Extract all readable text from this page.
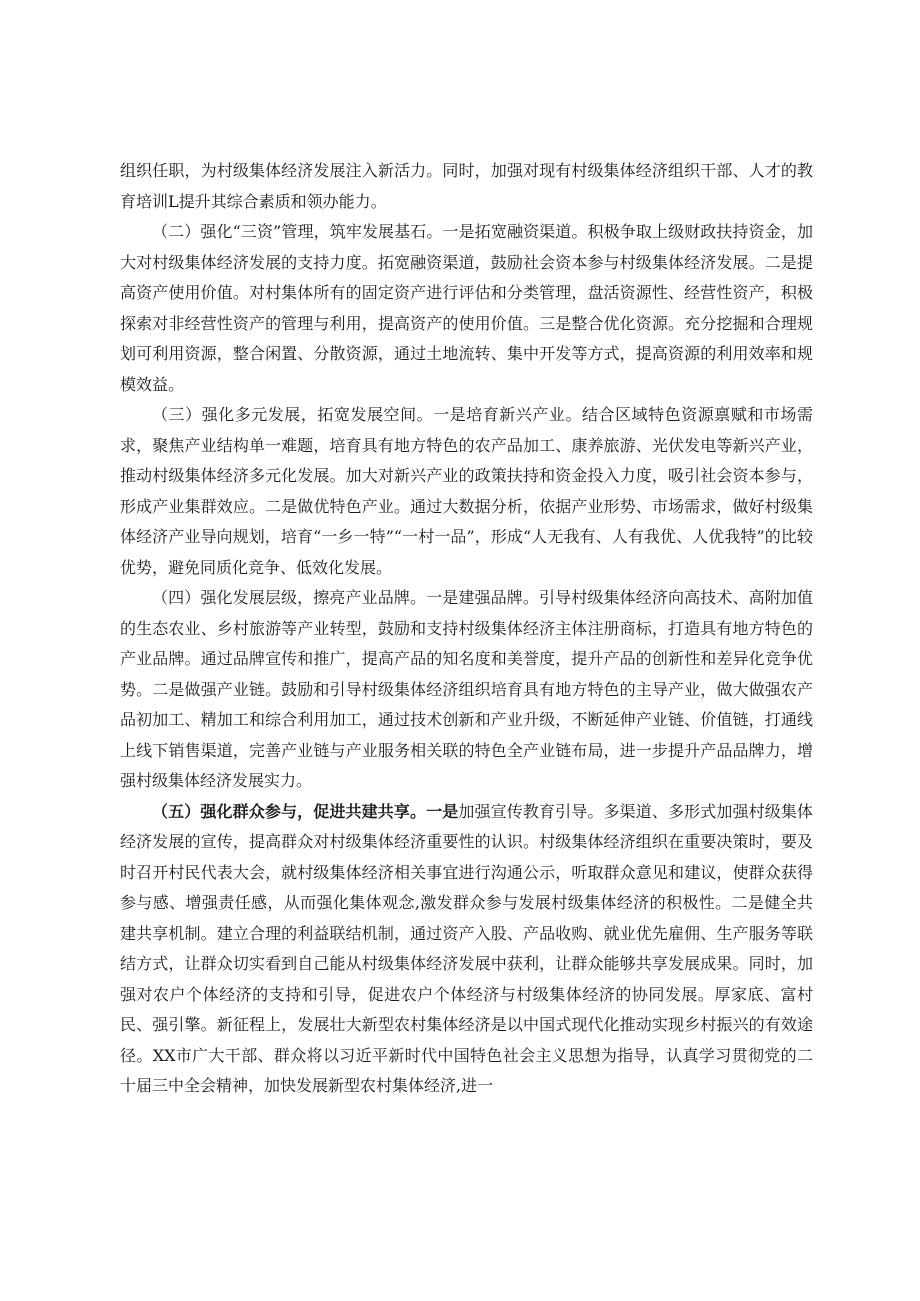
组织任职，为村级集体经济发展注入新活力。同时，加强对现有村级集体经济组织干部、人才的教育培训L提升其综合素质和领办能力。

（二）强化“三资”管理，筑牢发展基石。一是拓宽融资渠道。积极争取上级财政扶持资金，加大对村级集体经济发展的支持力度。拓宽融资渠道，鼓励社会资本参与村级集体经济发展。二是提高资产使用价值。对村集体所有的固定资产进行评估和分类管理，盘活资源性、经营性资产，积极探索对非经营性资产的管理与利用，提高资产的使用价值。三是整合优化资源。充分挖掘和合理规划可利用资源，整合闲置、分散资源，通过土地流转、集中开发等方式，提高资源的利用效率和规模效益。

（三）强化多元发展，拓宽发展空间。一是培育新兴产业。结合区域特色资源禀赋和市场需求，聚焦产业结构单一难题，培育具有地方特色的农产品加工、康养旅游、光伏发电等新兴产业，推动村级集体经济多元化发展。加大对新兴产业的政策扶持和资金投入力度，吸引社会资本参与，形成产业集群效应。二是做优特色产业。通过大数据分析，依据产业形势、市场需求，做好村级集体经济产业导向规划，培育“一乡一特”“一村一品”，形成“人无我有、人有我优、人优我特”的比较优势，避免同质化竞争、低效化发展。

（四）强化发展层级，擦亮产业品牌。一是建强品牌。引导村级集体经济向高技术、高附加值的生态农业、乡村旅游等产业转型，鼓励和支持村级集体经济主体注册商标，打造具有地方特色的产业品牌。通过品牌宣传和推广，提高产品的知名度和美誉度，提升产品的创新性和差异化竞争优势。二是做强产业链。鼓励和引导村级集体经济组织培育具有地方特色的主导产业，做大做强农产品初加工、精加工和综合利用加工，通过技术创新和产业升级，不断延伸产业链、价值链，打通线上线下销售渠道，完善产业链与产业服务相关联的特色全产业链布局，进一步提升产品品牌力，增强村级集体经济发展实力。

（五）强化群众参与，促进共建共享。一是加强宣传教育引导。多渠道、多形式加强村级集体经济发展的宣传，提高群众对村级集体经济重要性的认识。村级集体经济组织在重要决策时，要及时召开村民代表大会，就村级集体经济相关事宜进行沟通公示，听取群众意见和建议，使群众获得参与感、增强责任感，从而强化集体观念,激发群众参与发展村级集体经济的积极性。二是健全共建共享机制。建立合理的利益联结机制，通过资产入股、产品收购、就业优先雇佣、生产服务等联结方式，让群众切实看到自己能从村级集体经济发展中获利，让群众能够共享发展成果。同时，加强对农户个体经济的支持和引导，促进农户个体经济与村级集体经济的协同发展。厚家底、富村民、强引擎。新征程上，发展壮大新型农村集体经济是以中国式现代化推动实现乡村振兴的有效途径。XX市广大干部、群众将以习近平新时代中国特色社会主义思想为指导，认真学习贯彻党的二十届三中全会精神，加快发展新型农村集体经济,进一
